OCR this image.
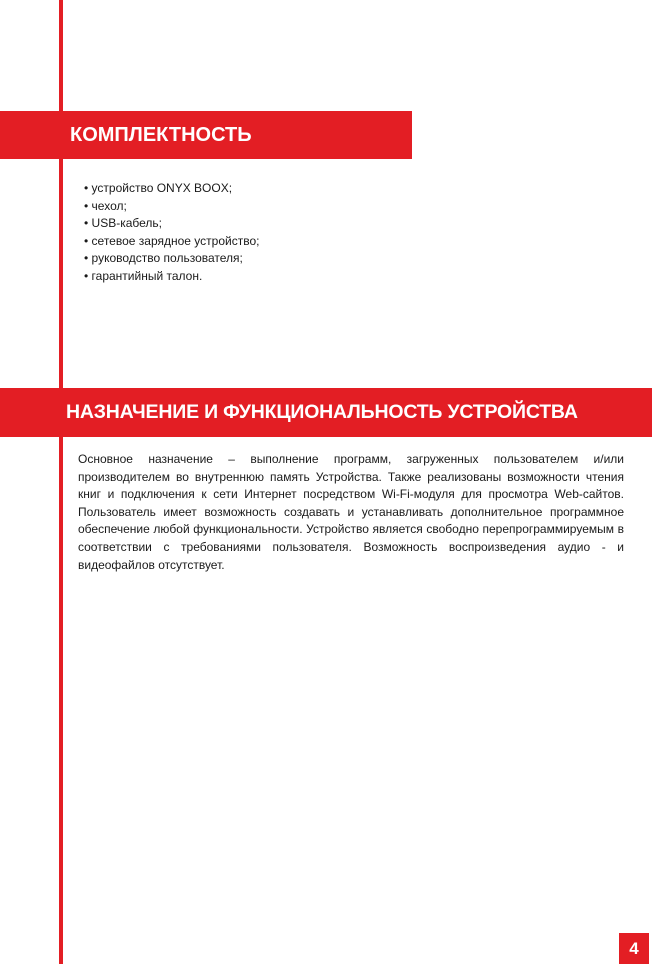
КОМПЛЕКТНОСТЬ
• устройство ONYX BOOX;
• чехол;
• USB-кабель;
• сетевое зарядное устройство;
• руководство пользователя;
• гарантийный талон.
НАЗНАЧЕНИЕ И ФУНКЦИОНАЛЬНОСТЬ УСТРОЙСТВА

Основное назначение – выполнение программ, загруженных пользователем и/или производителем во внутреннюю память Устройства. Также реализованы возможности чтения книг и подключения к сети Интернет посредством Wi-Fi-модуля для просмотра Web-сайтов. Пользователь имеет возможность создавать и устанавливать дополнительное программное обеспечение любой функциональности. Устройство является свободно перепрограммируемым в соответствии с требованиями пользователя. Возможность воспроизведения аудио - и видеофайлов отсутствует.

4
